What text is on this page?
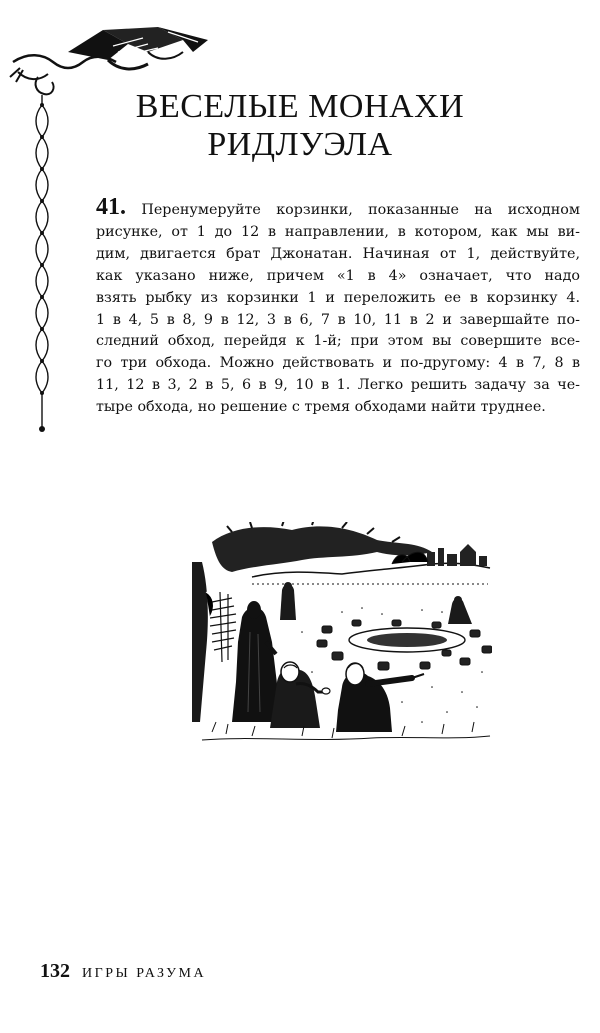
ВЕСЕЛЫЕ МОНАХИ
РИДЛУЭЛА
41. Перенумеруйте корзинки, показанные на исходном
рисунке, от 1 до 12 в направлении, в котором, как мы ви-
дим, двигается брат Джонатан. Начиная от 1, действуйте,
как указано ниже, причем «1 в 4» означает, что надо
взять рыбку из корзинки 1 и переложить ее в корзинку 4.
1 в 4, 5 в 8, 9 в 12, 3 в 6, 7 в 10, 11 в 2 и завершайте по-
следний обход, перейдя к 1-й; при этом вы совершите все-
го три обхода. Можно действовать и по-другому: 4 в 7, 8 в
11, 12 в 3, 2 в 5, 6 в 9, 10 в 1. Легко решить задачу за че-
тыре обхода, но решение с тремя обходами найти труднее.
132 ИГРЫ РАЗУМА
